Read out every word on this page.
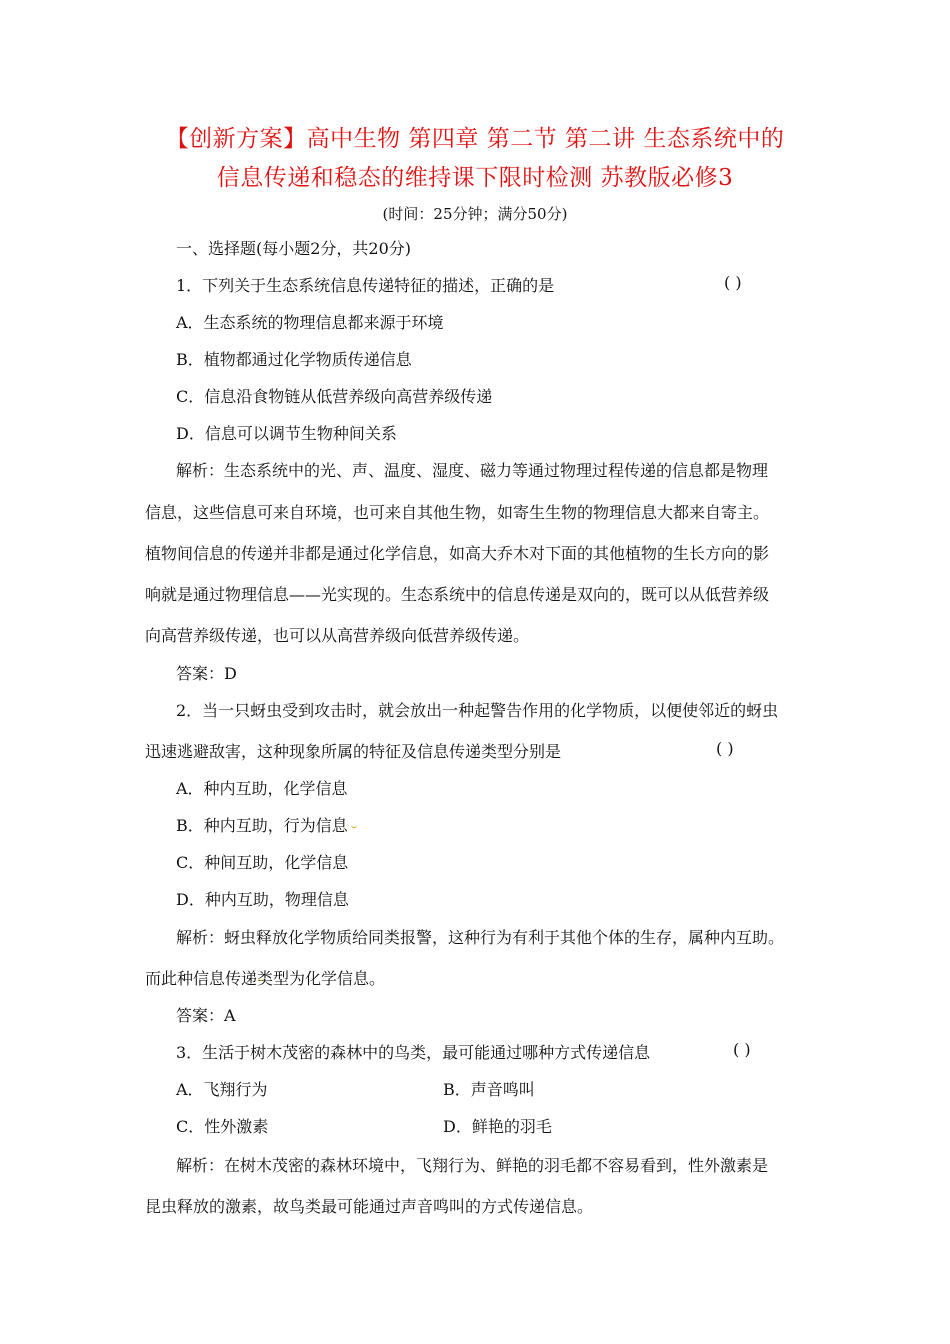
【创新方案】高中生物 第四章 第二节 第二讲 生态系统中的
信息传递和稳态的维持课下限时检测 苏教版必修3
(时间：25分钟；满分50分)
一、选择题(每小题2分，共20分)
1．下列关于生态系统信息传递特征的描述，正确的是	( )
A．生态系统的物理信息都来源于环境
B．植物都通过化学物质传递信息
C．信息沿食物链从低营养级向高营养级传递
D．信息可以调节生物种间关系
解析：生态系统中的光、声、温度、湿度、磁力等通过物理过程传递的信息都是物理
信息，这些信息可来自环境，也可来自其他生物，如寄生生物的物理信息大都来自寄主。
植物间信息的传递并非都是通过化学信息，如高大乔木对下面的其他植物的生长方向的影
响就是通过物理信息——光实现的。生态系统中的信息传递是双向的，既可以从低营养级
向高营养级传递，也可以从高营养级向低营养级传递。
答案：D
2．当一只蚜虫受到攻击时，就会放出一种起警告作用的化学物质，以便使邻近的蚜虫
迅速逃避敌害，这种现象所属的特征及信息传递类型分别是	( )
A．种内互助，化学信息
B．种内互助，行为信息
C．种间互助，化学信息
D．种内互助，物理信息
解析：蚜虫释放化学物质给同类报警，这种行为有利于其他个体的生存，属种内互助。
而此种信息传递类型为化学信息。
答案：A
3．生活于树木茂密的森林中的鸟类，最可能通过哪种方式传递信息	( )
A．飞翔行为	B．声音鸣叫
C．性外激素	D．鲜艳的羽毛
解析：在树木茂密的森林环境中，飞翔行为、鲜艳的羽毛都不容易看到，性外激素是
昆虫释放的激素，故鸟类最可能通过声音鸣叫的方式传递信息。
